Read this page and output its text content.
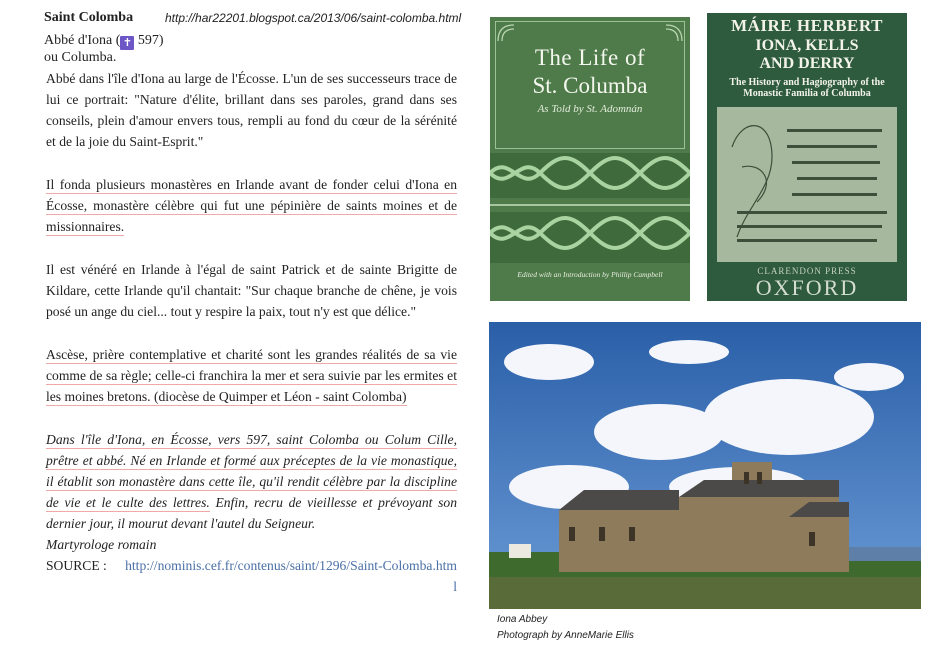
Saint Colomba	http://har22201.blogspot.ca/2013/06/saint-colomba.html
Abbé d'Iona ( ✝ 597)
ou Columba.

Abbé dans l'île d'Iona au large de l'Écosse. L'un de ses successeurs trace de lui ce portrait: "Nature d'élite, brillant dans ses paroles, grand dans ses conseils, plein d'amour envers tous, rempli au fond du cœur de la sérénité et de la joie du Saint-Esprit."

Il fonda plusieurs monastères en Irlande avant de fonder celui d'Iona en Écosse, monastère célèbre qui fut une pépinière de saints moines et de missionnaires.

Il est vénéré en Irlande à l'égal de saint Patrick et de sainte Brigitte de Kildare, cette Irlande qu'il chantait: "Sur chaque branche de chêne, je vois posé un ange du ciel... tout y respire la paix, tout n'y est que délice."

Ascèse, prière contemplative et charité sont les grandes réalités de sa vie comme de sa règle; celle-ci franchira la mer et sera suivie par les ermites et les moines bretons. (diocèse de Quimper et Léon - saint Colomba)

Dans l'île d'Iona, en Écosse, vers 597, saint Colomba ou Colum Cille, prêtre et abbé. Né en Irlande et formé aux préceptes de la vie monastique, il établit son monastère dans cette île, qu'il rendit célèbre par la discipline de vie et le culte des lettres. Enfin, recru de vieillesse et prévoyant son dernier jour, il mourut devant l'autel du Seigneur.

Martyrologe romain
SOURCE : http://nominis.cef.fr/contenus/saint/1296/Saint-Colomba.html
The Life of
St. Columba
As Told by St. Adomnán
Edited with an Introduction by Phillip Campbell
MÁIRE HERBERT
IONA, KELLS
AND DERRY
The History and Hagiography of the
Monastic Familia of Columba
CLARENDON PRESS
OXFORD
Iona Abbey
Photograph by AnneMarie Ellis
